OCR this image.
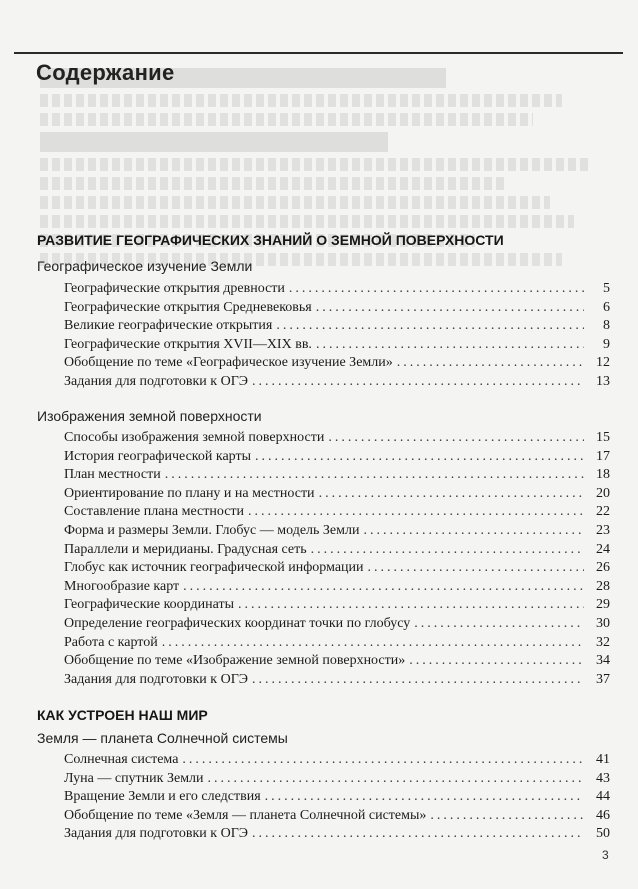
Содержание
РАЗВИТИЕ ГЕОГРАФИЧЕСКИХ ЗНАНИЙ О ЗЕМНОЙ ПОВЕРХНОСТИ
Географическое изучение Земли
Географические открытия древности .....	5
Географические открытия Средневековья .....	6
Великие географические открытия .....	8
Географические открытия XVII—XIX вв. .....	9
Обобщение по теме «Географическое изучение Земли» .....	12
Задания для подготовки к ОГЭ .....	13
Изображения земной поверхности
Способы изображения земной поверхности .....	15
История географической карты .....	17
План местности .....	18
Ориентирование по плану и на местности .....	20
Составление плана местности .....	22
Форма и размеры Земли. Глобус — модель Земли .....	23
Параллели и меридианы. Градусная сеть .....	24
Глобус как источник географической информации .....	26
Многообразие карт .....	28
Географические координаты .....	29
Определение географических координат точки по глобусу .....	30
Работа с картой .....	32
Обобщение по теме «Изображение земной поверхности» .....	34
Задания для подготовки к ОГЭ .....	37
КАК УСТРОЕН НАШ МИР
Земля — планета Солнечной системы
Солнечная система .....	41
Луна — спутник Земли .....	43
Вращение Земли и его следствия .....	44
Обобщение по теме «Земля — планета Солнечной системы» .....	46
Задания для подготовки к ОГЭ .....	50
3
